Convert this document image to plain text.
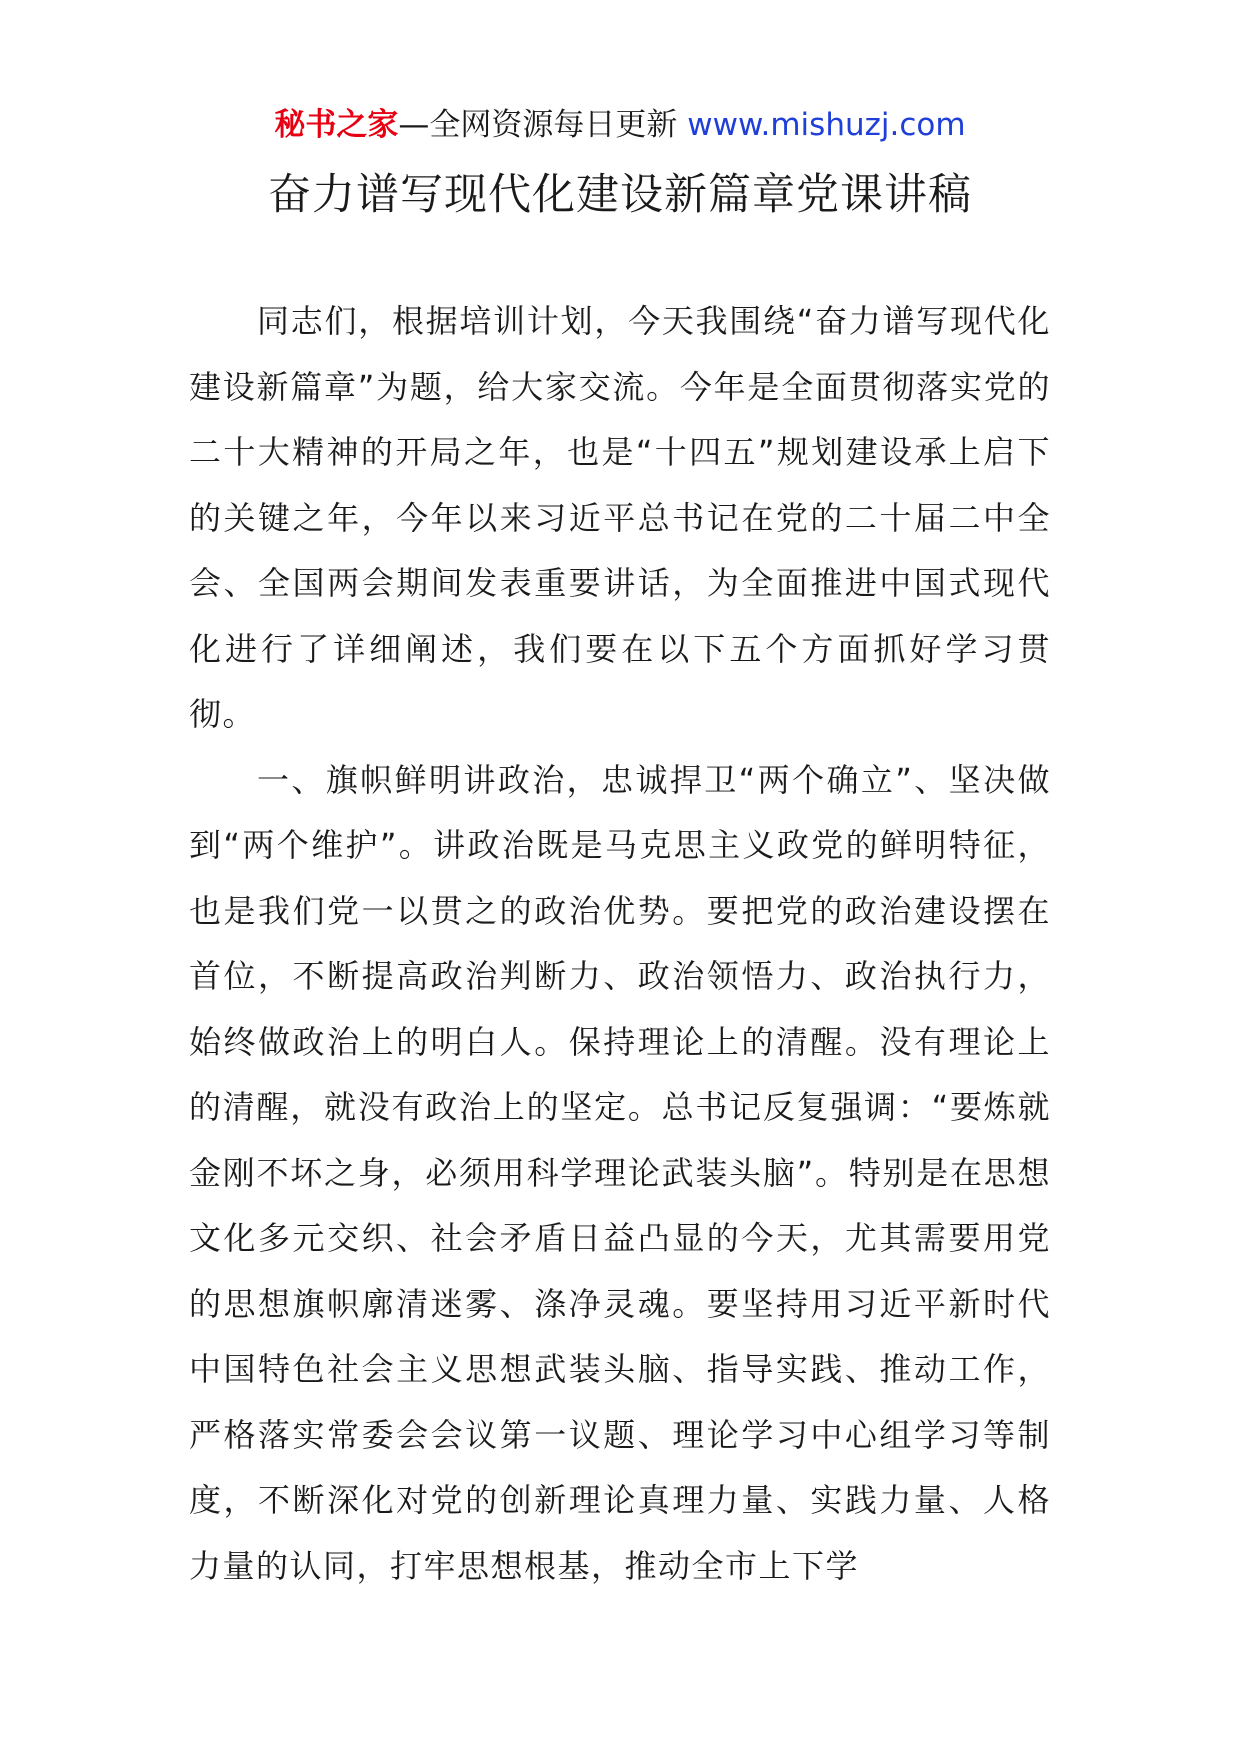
秘书之家—全网资源每日更新 www.mishuzj.com
奋力谱写现代化建设新篇章党课讲稿

同志们，根据培训计划，今天我围绕“奋力谱写现代化建设新篇章”为题，给大家交流。今年是全面贯彻落实党的二十大精神的开局之年，也是“十四五”规划建设承上启下的关键之年，今年以来习近平总书记在党的二十届二中全会、全国两会期间发表重要讲话，为全面推进中国式现代化进行了详细阐述，我们要在以下五个方面抓好学习贯彻。

一、旗帜鲜明讲政治，忠诚捍卫“两个确立”、坚决做到“两个维护”。讲政治既是马克思主义政党的鲜明特征，也是我们党一以贯之的政治优势。要把党的政治建设摆在首位，不断提高政治判断力、政治领悟力、政治执行力，始终做政治上的明白人。保持理论上的清醒。没有理论上的清醒，就没有政治上的坚定。总书记反复强调：“要炼就金刚不坏之身，必须用科学理论武装头脑”。特别是在思想文化多元交织、社会矛盾日益凸显的今天，尤其需要用党的思想旗帜廓清迷雾、涤净灵魂。要坚持用习近平新时代中国特色社会主义思想武装头脑、指导实践、推动工作，严格落实常委会会议第一议题、理论学习中心组学习等制度，不断深化对党的创新理论真理力量、实践力量、人格力量的认同，打牢思想根基，推动全市上下学
